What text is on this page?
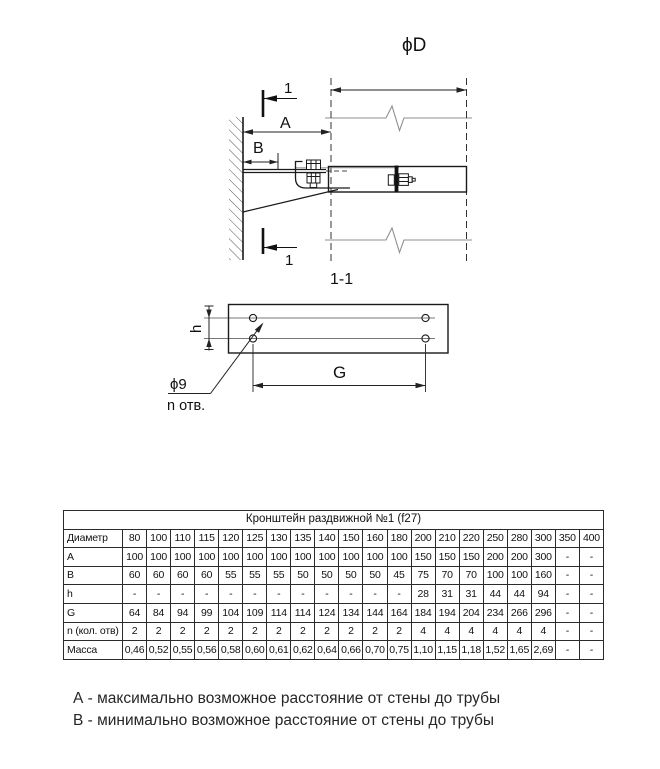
ϕD
A
B
1
1
1-1
h
G
ϕ9
n отв.
Кронштейн раздвижной №1 (f27)																				
Диаметр	80	100	110	115	120	125	130	135	140	150	160	180	200	210	220	250	280	300	350	400
A	100	100	100	100	100	100	100	100	100	100	100	100	150	150	150	200	200	300	-	-
B	60	60	60	60	55	55	55	50	50	50	50	45	75	70	70	100	100	160	-	-
h	-	-	-	-	-	-	-	-	-	-	-	-	28	31	31	44	44	94	-	-
G	64	84	94	99	104	109	114	114	124	134	144	164	184	194	204	234	266	296	-	-
n (кол. отв)	2	2	2	2	2	2	2	2	2	2	2	2	4	4	4	4	4	4	-	-
Масса	0,46	0,52	0,55	0,56	0,58	0,60	0,61	0,62	0,64	0,66	0,70	0,75	1,10	1,15	1,18	1,52	1,65	2,69	-	-
А - максимально возможное расстояние от стены до трубы
В - минимально возможное расстояние от стены до трубы
